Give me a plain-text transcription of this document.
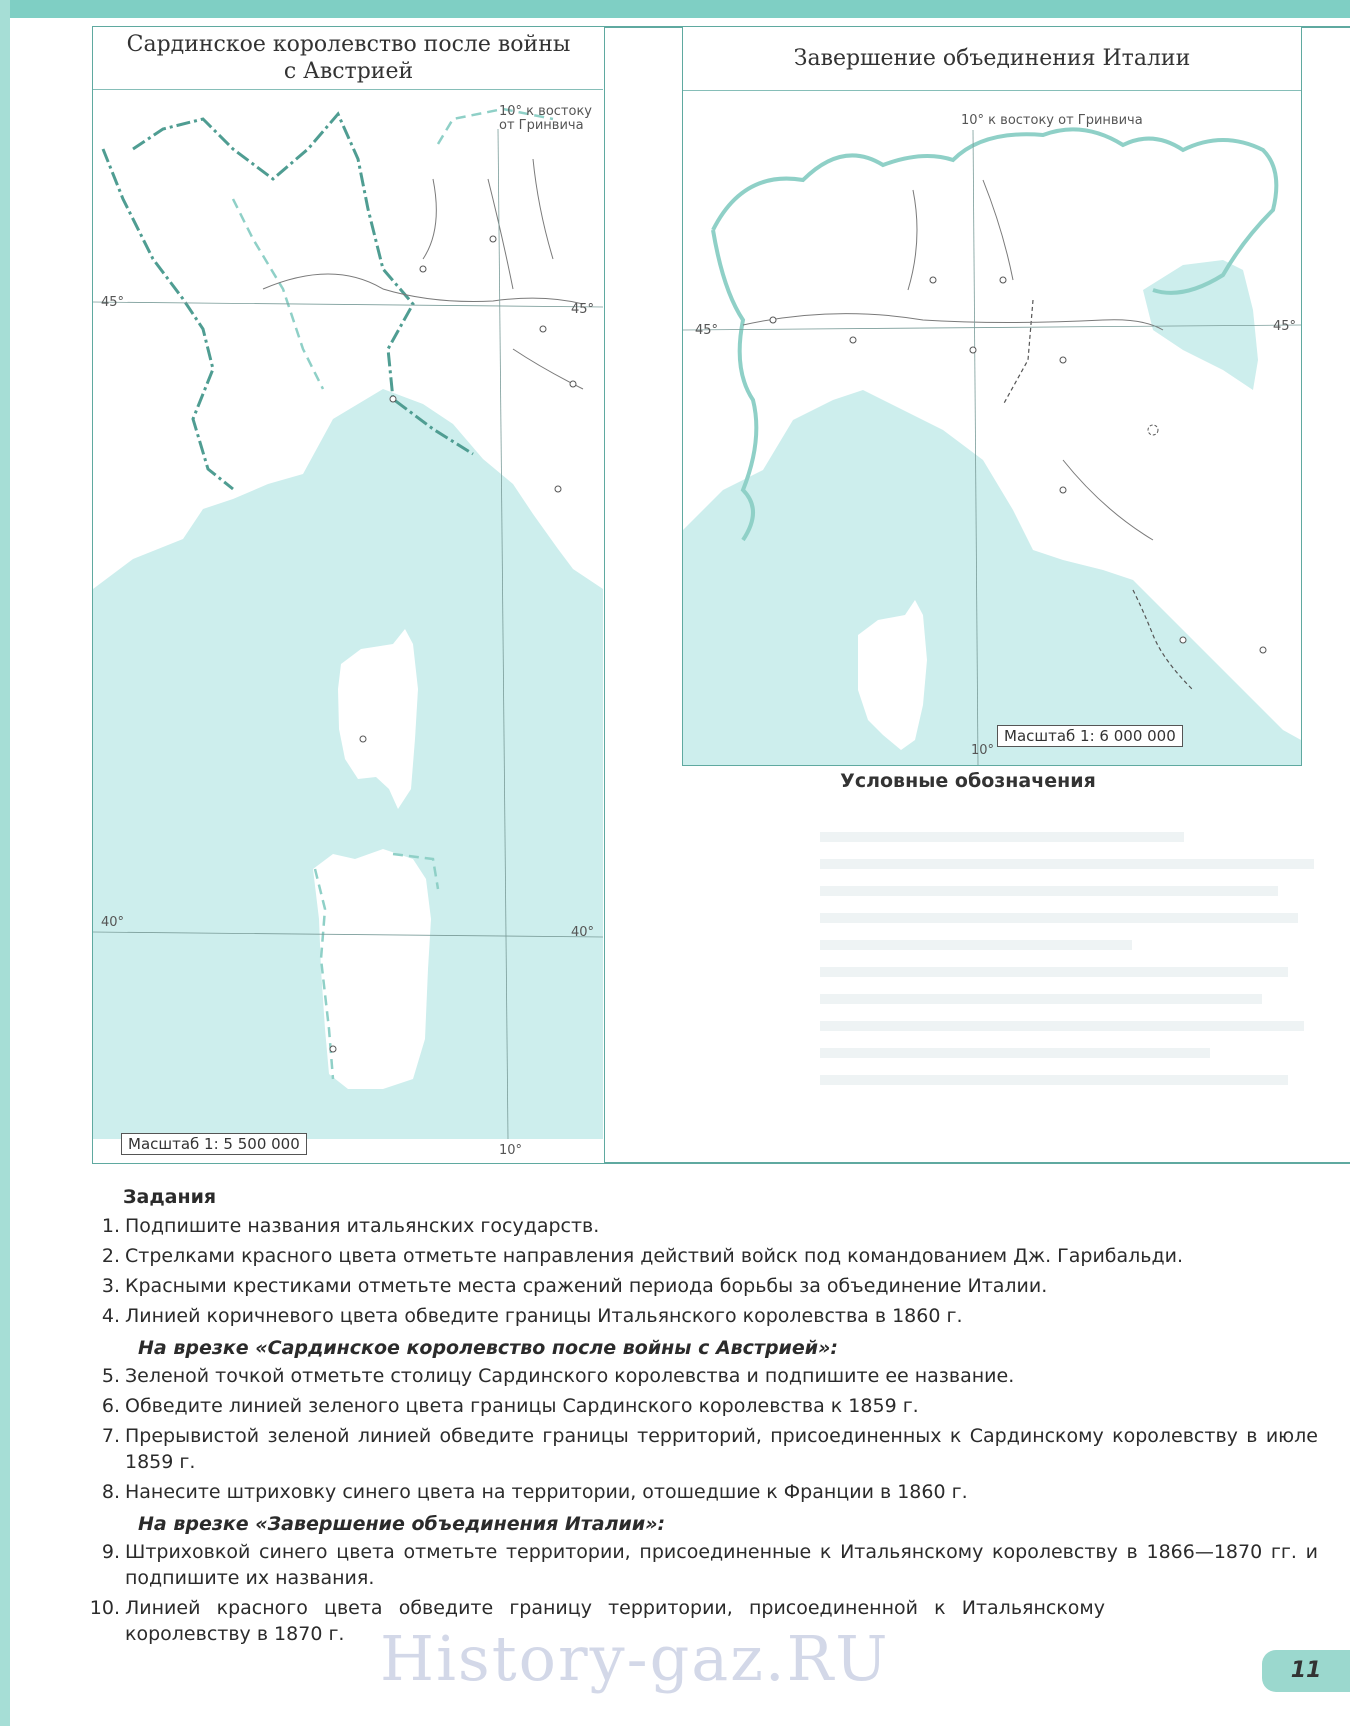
Сардинское королевство после войны
с Австрией
10° к востоку
от Гринвича
45°	45°
40°
40°
10°
Масштаб 1: 5 500 000
Завершение объединения Италии
10° к востоку от Гринвича
45°	45°
10°
Масштаб 1: 6 000 000
Условные обозначения
Задания
1. Подпишите названия итальянских государств.
2. Стрелками красного цвета отметьте направления действий войск под командованием Дж. Гарибальди.
3. Красными крестиками отметьте места сражений периода борьбы за объединение Италии.
4. Линией коричневого цвета обведите границы Итальянского королевства в 1860 г.
На врезке «Сардинское королевство после войны с Австрией»:
5. Зеленой точкой отметьте столицу Сардинского королевства и подпишите ее название.
6. Обведите линией зеленого цвета границы Сардинского королевства к 1859 г.
7. Прерывистой зеленой линией обведите границы территорий, присоединенных к Сардинскому королевству в июле 1859 г.
8. Нанесите штриховку синего цвета на территории, отошедшие к Франции в 1860 г.
На врезке «Завершение объединения Италии»:
9. Штриховкой синего цвета отметьте территории, присоединенные к Итальянскому королевству в 1866—1870 гг. и подпишите их названия.
10. Линией красного цвета обведите границу территории, присоединенной к Итальянскому королевству в 1870 г. History-gaz.RU	11
